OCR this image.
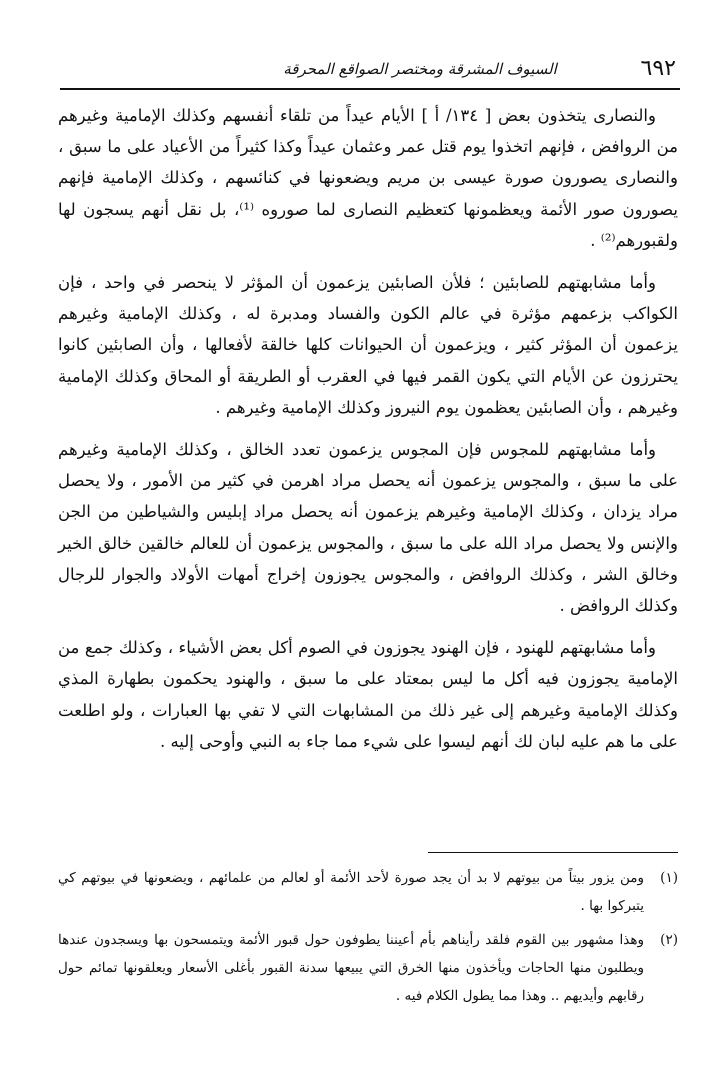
٦٩٢
السيوف المشرقة ومختصر الصواقع المحرقة

والنصارى يتخذون بعض [ ١٣٤/ أ ] الأيام عيداً من تلقاء أنفسهم وكذلك الإمامية وغيرهم من الروافض ، فإنهم اتخذوا يوم قتل عمر وعثمان عيداً وكذا كثيراً من الأعياد على ما سبق ، والنصارى يصورون صورة عيسى بن مريم ويضعونها في كنائسهم ، وكذلك الإمامية فإنهم يصورون صور الأئمة ويعظمونها كتعظيم النصارى لما صوروه ⁽¹⁾، بل نقل أنهم يسجون لها ولقبورهم⁽²⁾ .

وأما مشابهتهم للصابئين ؛ فلأن الصابئين يزعمون أن المؤثر لا ينحصر في واحد ، فإن الكواكب بزعمهم مؤثرة في عالم الكون والفساد ومدبرة له ، وكذلك الإمامية وغيرهم يزعمون أن المؤثر كثير ، ويزعمون أن الحيوانات كلها خالقة لأفعالها ، وأن الصابئين كانوا يحترزون عن الأيام التي يكون القمر فيها في العقرب أو الطريقة أو المحاق وكذلك الإمامية وغيرهم ، وأن الصابئين يعظمون يوم النيروز وكذلك الإمامية وغيرهم .

وأما مشابهتهم للمجوس فإن المجوس يزعمون تعدد الخالق ، وكذلك الإمامية وغيرهم على ما سبق ، والمجوس يزعمون أنه يحصل مراد اهرمن في كثير من الأمور ، ولا يحصل مراد يزدان ، وكذلك الإمامية وغيرهم يزعمون أنه يحصل مراد إبليس والشياطين من الجن والإنس ولا يحصل مراد الله على ما سبق ، والمجوس يزعمون أن للعالم خالقين خالق الخير وخالق الشر ، وكذلك الروافض ، والمجوس يجوزون إخراج أمهات الأولاد والجوار للرجال وكذلك الروافض .

وأما مشابهتهم للهنود ، فإن الهنود يجوزون في الصوم أكل بعض الأشياء ، وكذلك جمع من الإمامية يجوزون فيه أكل ما ليس بمعتاد على ما سبق ، والهنود يحكمون بطهارة المذي وكذلك الإمامية وغيرهم إلى غير ذلك من المشابهات التي لا تفي بها العبارات ، ولو اطلعت على ما هم عليه لبان لك أنهم ليسوا على شيء مما جاء به النبي وأوحى إليه .

(١)
ومن يزور بيتاً من بيوتهم لا بد أن يجد صورة لأحد الأئمة أو لعالم من علمائهم ، ويضعونها في بيوتهم كي يتبركوا بها .
(٢)
وهذا مشهور بين القوم فلقد رأيناهم بأم أعيننا يطوفون حول قبور الأئمة ويتمسحون بها ويسجدون عندها ويطلبون منها الحاجات ويأخذون منها الخرق التي يبيعها سدنة القبور بأغلى الأسعار ويعلقونها تمائم حول رقابهم وأيديهم .. وهذا مما يطول الكلام فيه .
